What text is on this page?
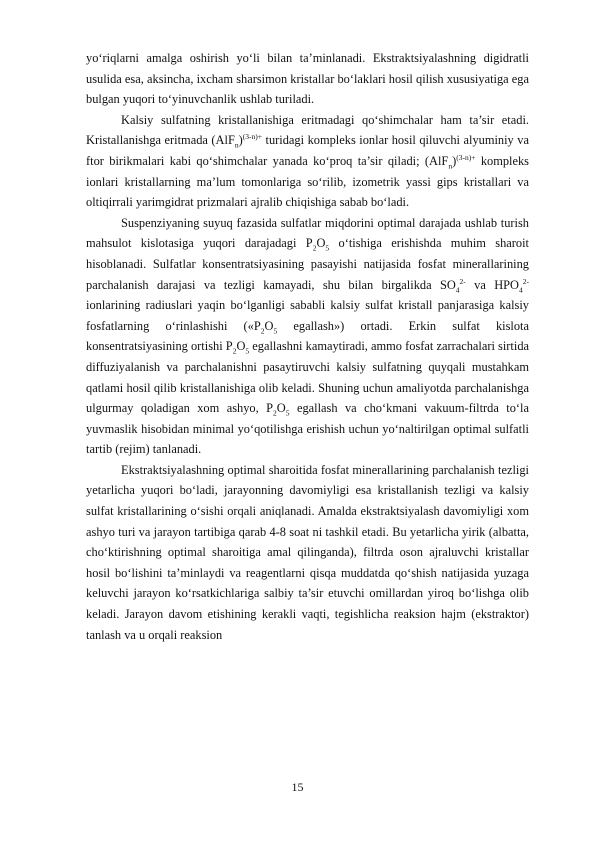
yo‘riqlarni amalga oshirish yo‘li bilan ta’minlanadi. Ekstraktsiyalashning digidratli usulida esa, aksincha, ixcham sharsimon kristallar bo‘laklari hosil qilish xususiyatiga ega bulgan yuqori to‘yinuvchanlik ushlab turiladi.

Kalsiy sulfatning kristallanishiga eritmadagi qo‘shimchalar ham ta’sir etadi. Kristallanishga eritmada $(AlF_n)^{(3-n)+}$ turidagi kompleks ionlar hosil qiluvchi alyuminiy va ftor birikmalari kabi qo‘shimchalar yanada ko‘proq ta’sir qiladi; $(AlF_n)^{(3-n)+}$ kompleks ionlari kristallarning ma’lum tomonlariga so‘rilib, izometrik yassi gips kristallari va oltiqirrali yarimgidrat prizmalari ajralib chiqishiga sabab bo‘ladi.

Suspenziyaning suyuq fazasida sulfatlar miqdorini optimal darajada ushlab turish mahsulot kislotasiga yuqori darajadagi $P_2O_5$ o‘tishiga erishishda muhim sharoit hisoblanadi. Sulfatlar konsentratsiyasining pasayishi natijasida fosfat minerallarining parchalanish darajasi va tezligi kamayadi, shu bilan birgalikda $SO_4^{2-}$ va $HPO_4^{2-}$ ionlarining radiuslari yaqin bo‘lganligi sababli kalsiy sulfat kristall panjarasiga kalsiy fosfatlarning o‘rinlashishi («$P_2O_5$ egallash») ortadi. Erkin sulfat kislota konsentratsiyasining ortishi $P_2O_5$ egallashni kamaytiradi, ammo fosfat zarrachalari sirtida diffuziyalanish va parchalanishni pasaytiruvchi kalsiy sulfatning quyqali mustahkam qatlami hosil qilib kristallanishiga olib keladi. Shuning uchun amaliyotda parchalanishga ulgurmay qoladigan xom ashyo, $P_2O_5$ egallash va cho‘kmani vakuum-filtrda to‘la yuvmaslik hisobidan minimal yo‘qotilishga erishish uchun yo‘naltirilgan optimal sulfatli tartib (rejim) tanlanadi.

Ekstraktsiyalashning optimal sharoitida fosfat minerallarining parchalanish tezligi yetarlicha yuqori bo‘ladi, jarayonning davomiyligi esa kristallanish tezligi va kalsiy sulfat kristallarining o‘sishi orqali aniqlanadi. Amalda ekstraktsiyalash davomiyligi xom ashyo turi va jarayon tartibiga qarab 4-8 soat ni tashkil etadi. Bu yetarlicha yirik (albatta, cho‘ktirishning optimal sharoitiga amal qilinganda), filtrda oson ajraluvchi kristallar hosil bo‘lishini ta’minlaydi va reagentlarni qisqa muddatda qo‘shish natijasida yuzaga keluvchi jarayon ko‘rsatkichlariga salbiy ta’sir etuvchi omillardan yiroq bo‘lishga olib keladi. Jarayon davom etishining kerakli vaqti, tegishlicha reaksion hajm (ekstraktor) tanlash va u orqali reaksion

15
